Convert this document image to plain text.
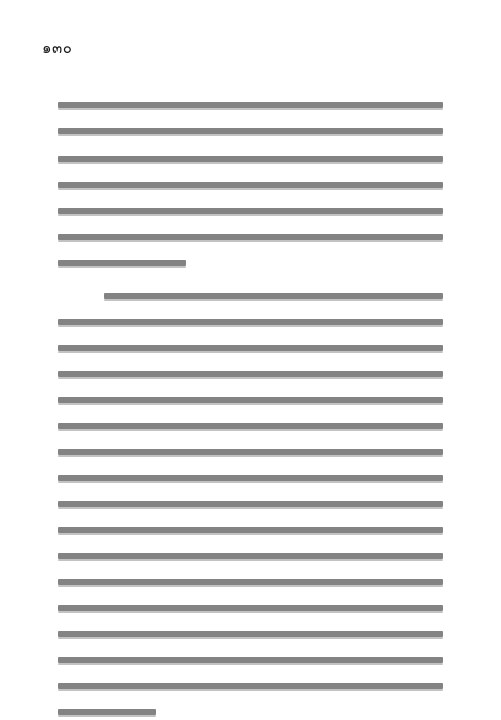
๑๓๐
